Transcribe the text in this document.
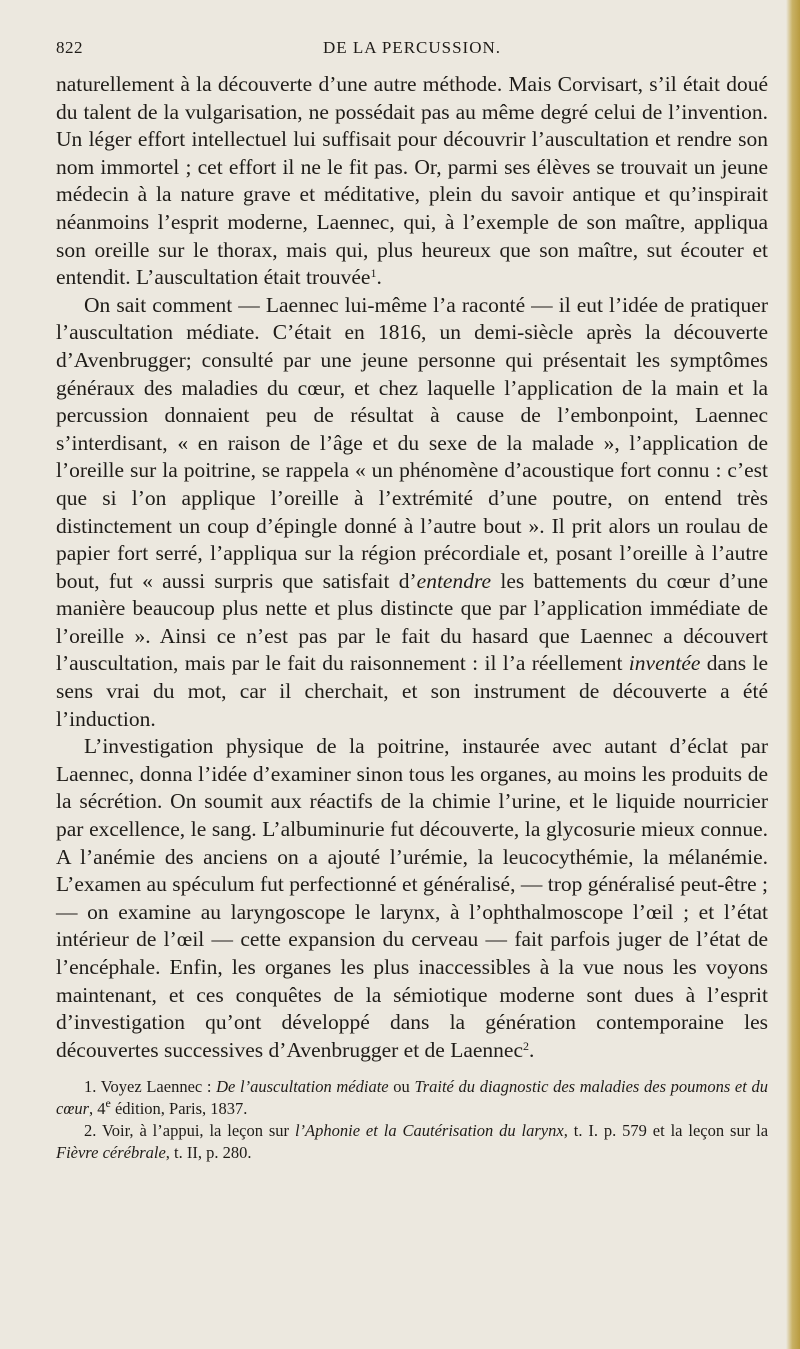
822	DE LA PERCUSSION.

naturellement à la découverte d’une autre méthode. Mais Corvisart, s’il était doué du talent de la vulgarisation, ne possédait pas au même degré celui de l’invention. Un léger effort intellectuel lui suffisait pour découvrir l’auscultation et rendre son nom immortel ; cet effort il ne le fit pas. Or, parmi ses élèves se trouvait un jeune médecin à la nature grave et méditative, plein du savoir antique et qu’inspirait néanmoins l’esprit moderne, Laennec, qui, à l’exemple de son maître, appliqua son oreille sur le thorax, mais qui, plus heureux que son maître, sut écouter et entendit. L’auscultation était trouvée$^1$.

On sait comment — Laennec lui-même l’a raconté — il eut l’idée de pratiquer l’auscultation médiate. C’était en 1816, un demi-siècle après la découverte d’Avenbrugger; consulté par une jeune personne qui présentait les symptômes généraux des maladies du cœur, et chez laquelle l’application de la main et la percussion donnaient peu de résultat à cause de l’embonpoint, Laennec s’interdisant, « en raison de l’âge et du sexe de la malade », l’application de l’oreille sur la poitrine, se rappela « un phénomène d’acoustique fort connu : c’est que si l’on applique l’oreille à l’extrémité d’une poutre, on entend très distinctement un coup d’épingle donné à l’autre bout ». Il prit alors un roulau de papier fort serré, l’appliqua sur la région précordiale et, posant l’oreille à l’autre bout, fut « aussi surpris que satisfait d’entendre les battements du cœur d’une manière beaucoup plus nette et plus distincte que par l’application immédiate de l’oreille ». Ainsi ce n’est pas par le fait du hasard que Laennec a découvert l’auscultation, mais par le fait du raisonnement : il l’a réellement inventée dans le sens vrai du mot, car il cherchait, et son instrument de découverte a été l’induction.

L’investigation physique de la poitrine, instaurée avec autant d’éclat par Laennec, donna l’idée d’examiner sinon tous les organes, au moins les produits de la sécrétion. On soumit aux réactifs de la chimie l’urine, et le liquide nourricier par excellence, le sang. L’albuminurie fut découverte, la glycosurie mieux connue. A l’anémie des anciens on a ajouté l’urémie, la leucocythémie, la mélanémie. L’examen au spéculum fut perfectionné et généralisé, — trop généralisé peut-être ; — on examine au laryngoscope le larynx, à l’ophthalmoscope l’œil ; et l’état intérieur de l’œil — cette expansion du cerveau — fait parfois juger de l’état de l’encéphale. Enfin, les organes les plus inaccessibles à la vue nous les voyons maintenant, et ces conquêtes de la sémiotique moderne sont dues à l’esprit d’investigation qu’ont développé dans la génération contemporaine les découvertes successives d’Avenbrugger et de Laennec$^2$.

1. Voyez Laennec : De l’auscultation médiate ou Traité du diagnostic des maladies des poumons et du cœur, 4e édition, Paris, 1837.

2. Voir, à l’appui, la leçon sur l’Aphonie et la Cautérisation du larynx, t. I. p. 579 et la leçon sur la Fièvre cérébrale, t. II, p. 280.
